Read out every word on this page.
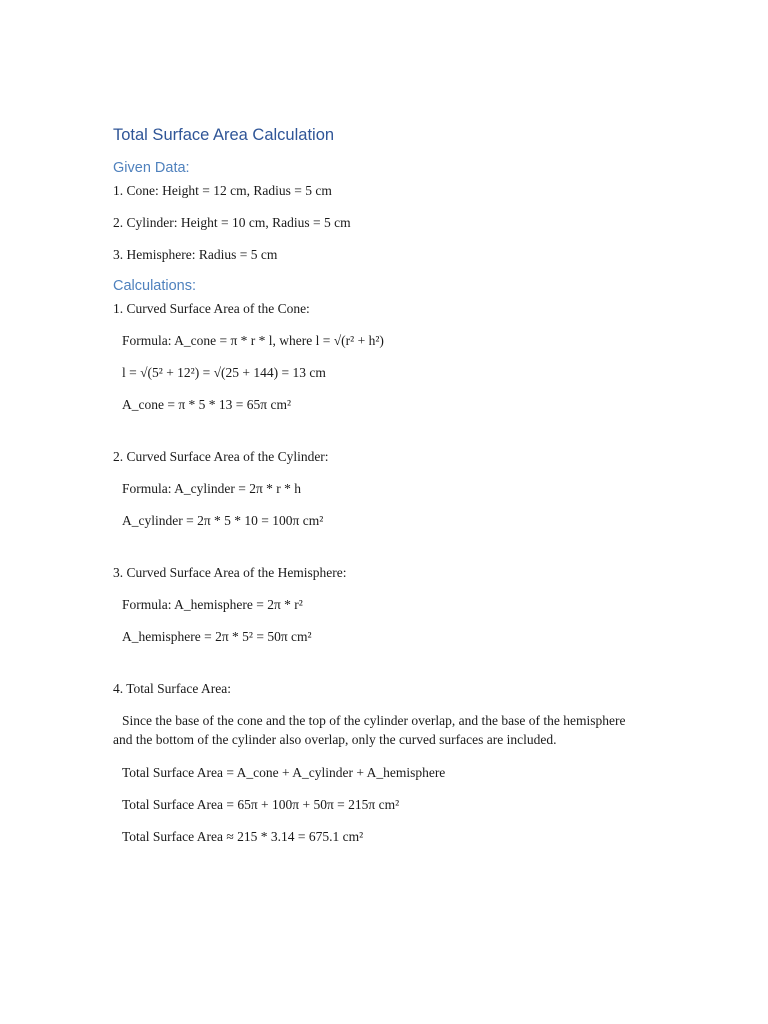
Total Surface Area Calculation
Given Data:

1. Cone: Height = 12 cm, Radius = 5 cm

2. Cylinder: Height = 10 cm, Radius = 5 cm

3. Hemisphere: Radius = 5 cm

Calculations:

1. Curved Surface Area of the Cone:

Formula: A_cone = π * r * l, where l = √(r² + h²)

l = √(5² + 12²) = √(25 + 144) = 13 cm

A_cone = π * 5 * 13 = 65π cm²

2. Curved Surface Area of the Cylinder:

Formula: A_cylinder = 2π * r * h

A_cylinder = 2π * 5 * 10 = 100π cm²

3. Curved Surface Area of the Hemisphere:

Formula: A_hemisphere = 2π * r²

A_hemisphere = 2π * 5² = 50π cm²

4. Total Surface Area:

Since the base of the cone and the top of the cylinder overlap, and the base of the hemisphere and the bottom of the cylinder also overlap, only the curved surfaces are included.

Total Surface Area = A_cone + A_cylinder + A_hemisphere

Total Surface Area = 65π + 100π + 50π = 215π cm²

Total Surface Area ≈ 215 * 3.14 = 675.1 cm²
